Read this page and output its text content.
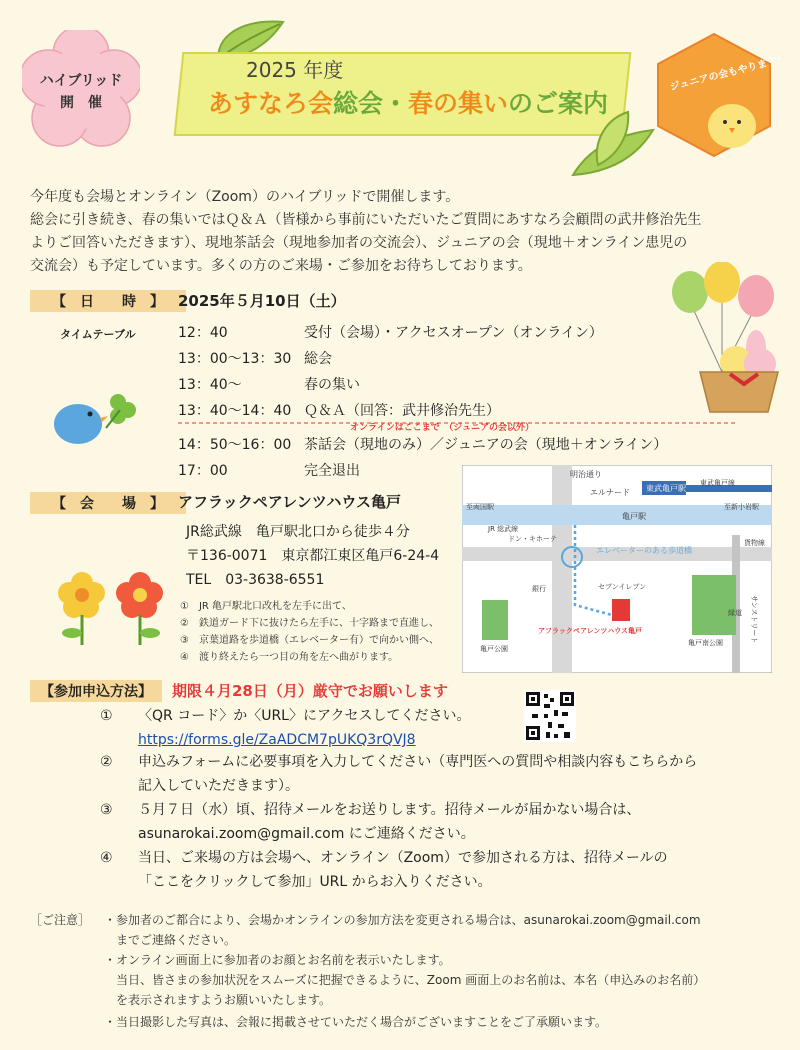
ハイブリッド
開　催
2025 年度
あすなろ会総会・春の集いのご案内
ジュニアの会もやります！

今年度も会場とオンライン（Zoom）のハイブリッドで開催します。

総会に引き続き、春の集いではＱ＆Ａ（皆様から事前にいただいたご質問にあすなろ会顧問の武井修治先生

よりご回答いただきます）、現地茶話会（現地参加者の交流会）、ジュニアの会（現地＋オンライン患児の

交流会）も予定しています。多くの方のご来場・ご参加をお待ちしております。

【　日　　時　】 2025年５月10日（土）
タイムテーブル	12：40	受付（会場）・アクセスオープン（オンライン）
13：00～13：30 総会
13：40～	春の集い
13：40～14：40 Ｑ＆Ａ（回答：武井修治先生）
14：50～16：00 茶話会（現地のみ）／ジュニアの会（現地＋オンライン）
17：00	完全退出
オンラインはここまで　（ジュニアの会以外）
【　会　　場　】 アフラックペアレンツハウス亀戸
JR総武線　亀戸駅北口から徒歩４分
〒136-0071　東京都江東区亀戸6-24-4
TEL　03-3638-6551
①　JR 亀戸駅北口改札を左手に出て、
②　鉄道ガード下に抜けたら左手に、十字路まで直進し、
③　京葉道路を歩道橋（エレベーター有）で向かい側へ、
④　渡り終えたら一つ目の角を左へ曲がります。
明治通り
エルナード 東武亀戸駅
東武亀戸線
亀戸駅
至両国駅	至新小岩駅
JR 総武線
ドン・キホーテ
エレベーターのある歩道橋
貨物線
銀行	セブンイレブン
サンストリート
亀戸公園
緑道
亀戸南公園
アフラックペアレンツハウス亀戸
【参加申込方法】	期限４月28日（月）厳守でお願いします
① 〈QR コード〉か〈URL〉にアクセスしてください。
https://forms.gle/ZaADCM7pUKQ3rQVJ8
② 申込みフォームに必要事項を入力してください（専門医への質問や相談内容もこちらから
記入していただきます）。
③ ５月７日（水）頃、招待メールをお送りします。招待メールが届かない場合は、
asunarokai.zoom@gmail.com にご連絡ください。
④ 当日、ご来場の方は会場へ、オンライン（Zoom）で参加される方は、招待メールの
「ここをクリックして参加」URL からお入りください。
［ご注意］ ・参加者のご都合により、会場かオンラインの参加方法を変更される場合は、asunarokai.zoom@gmail.com
までご連絡ください。
・オンライン画面上に参加者のお顔とお名前を表示いたします。
当日、皆さまの参加状況をスムーズに把握できるように、Zoom 画面上のお名前は、本名（申込みのお名前）
を表示されますようお願いいたします。
・当日撮影した写真は、会報に掲載させていただく場合がございますことをご了承願います。
